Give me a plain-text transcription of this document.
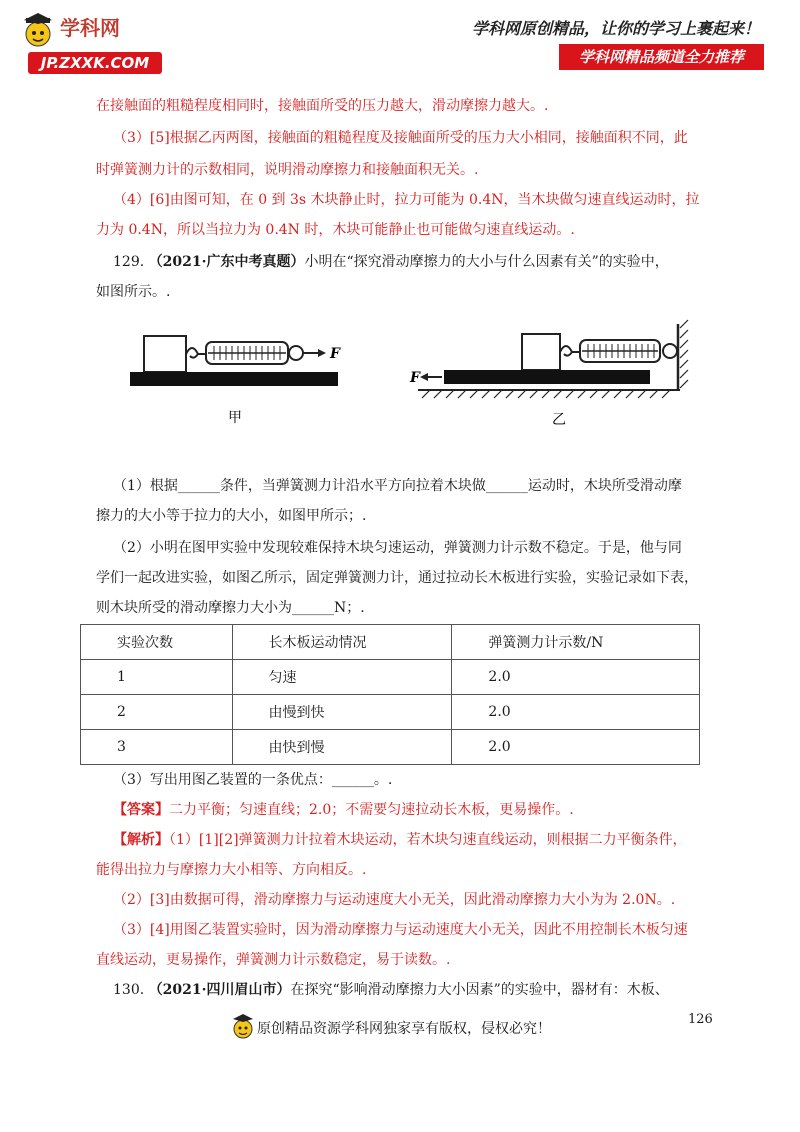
学科网
JP.ZXXK.COM
学科网原创精品，让你的学习上裹起来！
学科网精品频道全力推荐
在接触面的粗糙程度相同时，接触面所受的压力越大，滑动摩擦力越大。.
（3）[5]根据乙丙两图，接触面的粗糙程度及接触面所受的压力大小相同，接触面积不同，此
时弹簧测力计的示数相同，说明滑动摩擦力和接触面积无关。.
（4）[6]由图可知，在 0 到 3s 木块静止时，拉力可能为 0.4N，当木块做匀速直线运动时，拉
力为 0.4N，所以当拉力为 0.4N 时，木块可能静止也可能做匀速直线运动。.
129. （2021·广东中考真题）小明在“探究滑动摩擦力的大小与什么因素有关”的实验中，
如图所示。.
F
甲
F
乙
（1）根据______条件，当弹簧测力计沿水平方向拉着木块做______运动时，木块所受滑动摩
擦力的大小等于拉力的大小，如图甲所示；.
（2）小明在图甲实验中发现较难保持木块匀速运动，弹簧测力计示数不稳定。于是，他与同
学们一起改进实验，如图乙所示，固定弹簧测力计，通过拉动长木板进行实验，实验记录如下表，
则木块所受的滑动摩擦力大小为______N；.
实验次数	长木板运动情况	弹簧测力计示数/N
1	匀速	2.0
2	由慢到快	2.0
3	由快到慢	2.0
（3）写出用图乙装置的一条优点：______。.
【答案】二力平衡；匀速直线；2.0；不需要匀速拉动长木板，更易操作。.
【解析】（1）[1][2]弹簧测力计拉着木块运动，若木块匀速直线运动，则根据二力平衡条件，
能得出拉力与摩擦力大小相等、方向相反。.
（2）[3]由数据可得，滑动摩擦力与运动速度大小无关，因此滑动摩擦力大小为为 2.0N。.
（3）[4]用图乙装置实验时，因为滑动摩擦力与运动速度大小无关，因此不用控制长木板匀速
直线运动，更易操作，弹簧测力计示数稳定，易于读数。.
130. （2021·四川眉山市）在探究“影响滑动摩擦力大小因素”的实验中，器材有：木板、
原创精品资源学科网独家享有版权，侵权必究！
126
